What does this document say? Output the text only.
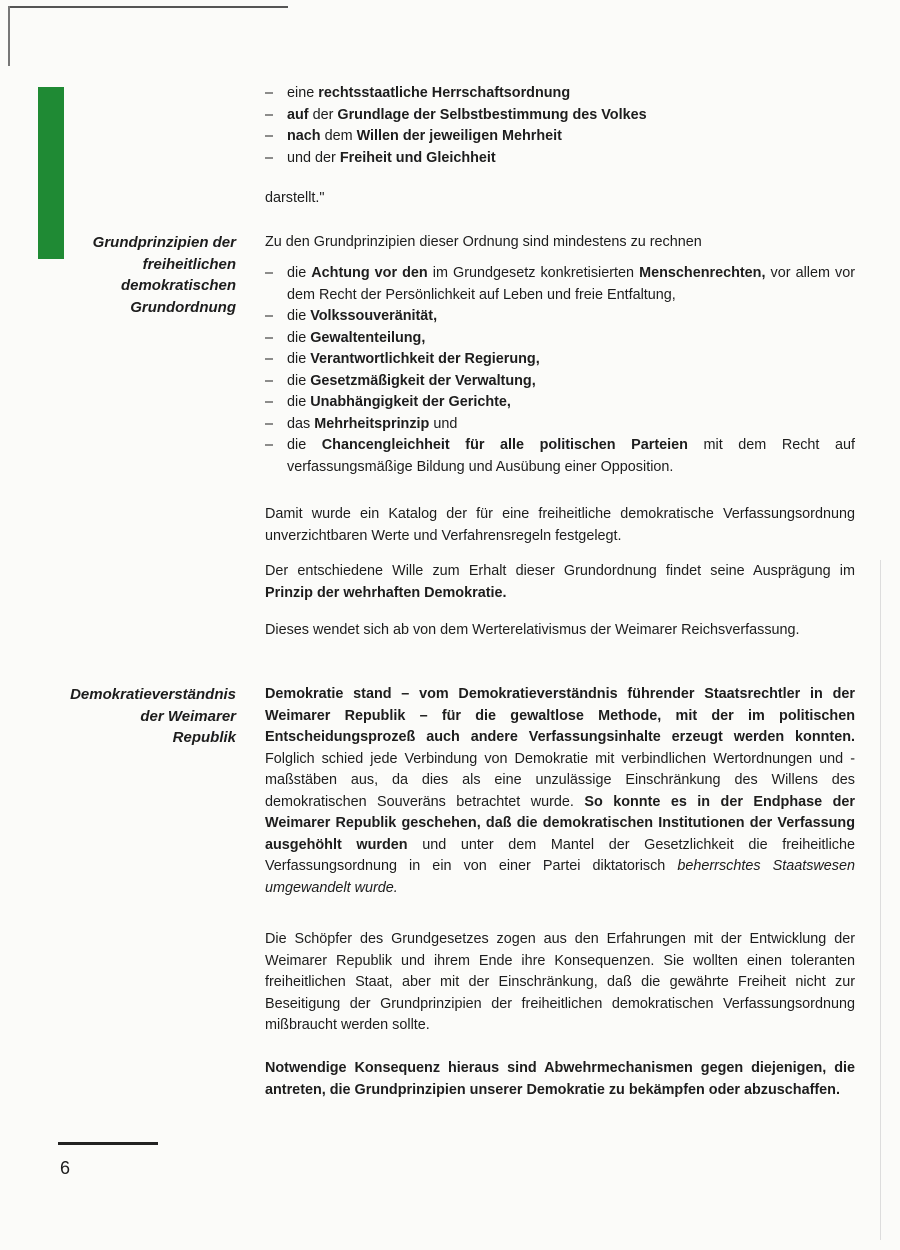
Grundprinzipien der
freiheitlichen
demokratischen
Grundordnung
Demokratieverständnis
der Weimarer
Republik
– eine rechtsstaatliche Herrschaftsordnung
– auf der Grundlage der Selbstbestimmung des Volkes
– nach dem Willen der jeweiligen Mehrheit
– und der Freiheit und Gleichheit
darstellt."
Zu den Grundprinzipien dieser Ordnung sind mindestens zu rechnen
– die Achtung vor den im Grundgesetz konkretisierten Menschenrechten, vor allem vor dem Recht der Persönlichkeit auf Leben und freie Entfaltung,
– die Volkssouveränität,
– die Gewaltenteilung,
– die Verantwortlichkeit der Regierung,
– die Gesetzmäßigkeit der Verwaltung,
– die Unabhängigkeit der Gerichte,
– das Mehrheitsprinzip und
– die Chancengleichheit für alle politischen Parteien mit dem Recht auf verfassungsmäßige Bildung und Ausübung einer Opposition.
Damit wurde ein Katalog der für eine freiheitliche demokratische Verfassungsordnung unverzichtbaren Werte und Verfahrensregeln festgelegt.
Der entschiedene Wille zum Erhalt dieser Grundordnung findet seine Ausprägung im Prinzip der wehrhaften Demokratie.
Dieses wendet sich ab von dem Werterelativismus der Weimarer Reichsverfassung.
Demokratie stand – vom Demokratieverständnis führender Staatsrechtler in der Weimarer Republik – für die gewaltlose Methode, mit der im politischen Entscheidungsprozeß auch andere Verfassungsinhalte erzeugt werden konnten. Folglich schied jede Verbindung von Demokratie mit verbindlichen Wertordnungen und -maßstäben aus, da dies als eine unzulässige Einschränkung des Willens des demokratischen Souveräns betrachtet wurde. So konnte es in der Endphase der Weimarer Republik geschehen, daß die demokratischen Institutionen der Verfassung ausgehöhlt wurden und unter dem Mantel der Gesetzlichkeit die freiheitliche Verfassungsordnung in ein von einer Partei diktatorisch beherrschtes Staatswesen umgewandelt wurde.
Die Schöpfer des Grundgesetzes zogen aus den Erfahrungen mit der Entwicklung der Weimarer Republik und ihrem Ende ihre Konsequenzen. Sie wollten einen toleranten freiheitlichen Staat, aber mit der Einschränkung, daß die gewährte Freiheit nicht zur Beseitigung der Grundprinzipien der freiheitlichen demokratischen Verfassungsordnung mißbraucht werden sollte.
Notwendige Konsequenz hieraus sind Abwehrmechanismen gegen diejenigen, die antreten, die Grundprinzipien unserer Demokratie zu bekämpfen oder abzuschaffen.
6
